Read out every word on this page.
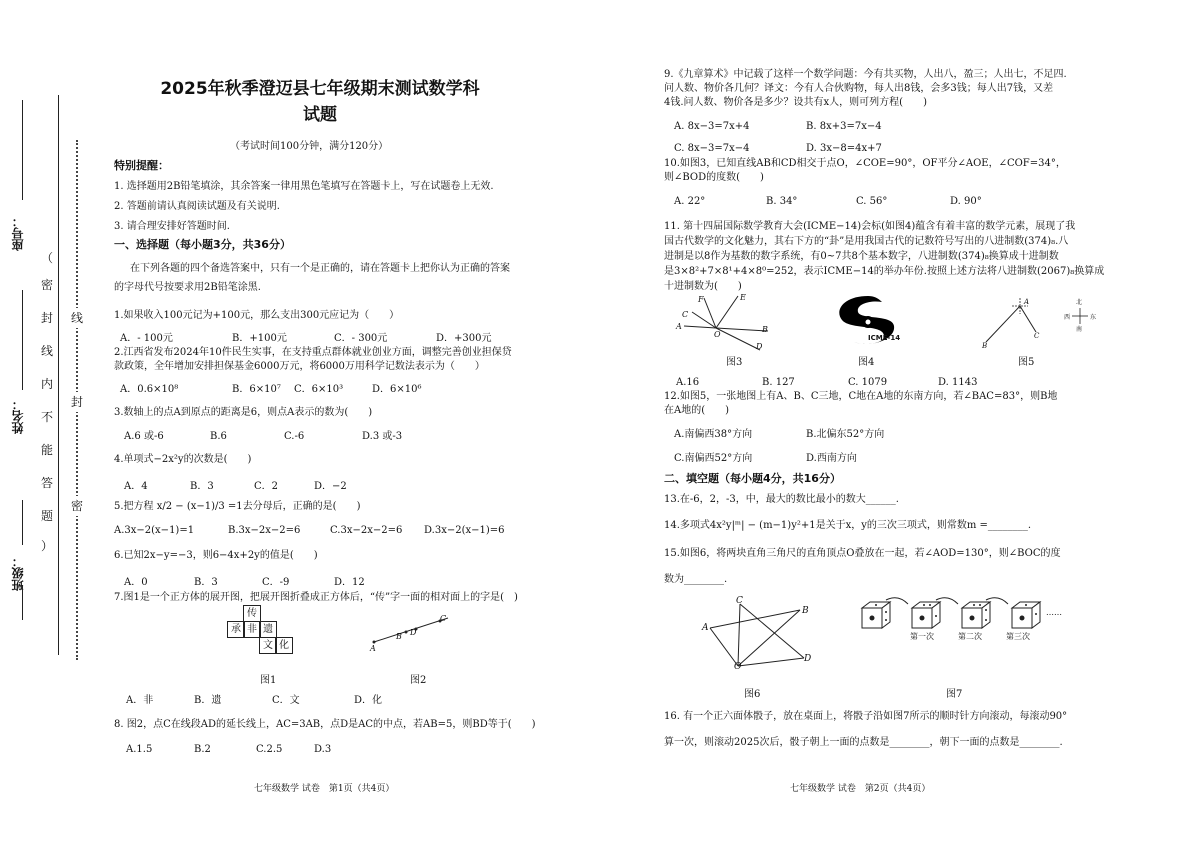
座号：
姓名：
班级：
（
密
封
线
内
不
能
答
题
）
线
封
密
2025年秋季澄迈县七年级期末测试数学科
试题
（考试时间100分钟，满分120分）
特别提醒：
1. 选择题用2B铅笔填涂，其余答案一律用黑色笔填写在答题卡上，写在试题卷上无效.
2. 答题前请认真阅读试题及有关说明.
3. 请合理安排好答题时间.
一、选择题（每小题3分，共36分）
在下列各题的四个备选答案中，只有一个是正确的，请在答题卡上把你认为正确的答案
的字母代号按要求用2B铅笔涂黑.
1.如果收入100元记为+100元，那么支出300元应记为（　　）
A．- 100元	B．+100元	C．- 300元	D．+300元
2.江西省发布2024年10件民生实事，在支持重点群体就业创业方面，调整完善创业担保贷
款政策，全年增加安排担保基金6000万元，将6000万用科学记数法表示为（　　）
A．0.6×10⁸	B．6×10⁷ C．6×10³	D．6×10⁶
3.数轴上的点A到原点的距离是6，则点A表示的数为(　　)
A.6 或-6	B.6	C.-6	D.3 或-3
4.单项式−2x²y的次数是(　　)
A．4	B．3	C．2	D．−2
5.把方程 x/2 − (x−1)/3 =1去分母后，正确的是(　　)
A.3x−2(x−1)=1	B.3x−2x−2=6	C.3x−2x−2=6 D.3x−2(x−1)=6
6.已知2x−y=−3，则6−4x+2y的值是(　　)
A．0	B．3	C．-9	D．12
7.图1是一个正方体的展开图，把展开图折叠成正方体后，“传”字一面的相对面上的字是(　)
传
承 非 遗
文 化	A
B D
C
图1	图2
A．非	B．遗	C．文	D．化
8. 图2，点C在线段AD的延长线上，AC=3AB，点D是AC的中点，若AB=5，则BD等于(　　)
A.1.5	B.2	C.2.5	D.3
七年级数学 试卷　第1页（共4页）
9.《九章算术》中记载了这样一个数学问题：今有共买物，人出八，盈三；人出七，不足四.
问人数、物价各几何？译文：今有人合伙购物，每人出8钱，会多3钱；每人出7钱，又差
4钱.问人数、物价各是多少？设共有x人，则可列方程(　　)
A. 8x−3=7x+4	B. 8x+3=7x−4
C. 8x−3=7x−4	D. 3x−8=4x+7
10.如图3，已知直线AB和CD相交于点O，∠COE=90°，OF平分∠AOE，∠COF=34°，
则∠BOD的度数(　　)
A. 22°	B. 34°	C. 56°	D. 90°
11. 第十四届国际数学教育大会(ICME−14)会标(如图4)蕴含有着丰富的数学元素，展现了我
国古代数学的文化魅力，其右下方的“卦”是用我国古代的记数符号写出的八进制数(374)₈.八
进制是以8作为基数的数字系统，有0~7共8个基本数字，八进制数(374)₈换算成十进制数
是3×8²+7×8¹+4×8⁰=252，表示ICME−14的举办年份.按照上述方法将八进制数(2067)₈换算成
十进制数为(　　)
F	E
C
A
O
B
D
ICME-14	C
A
B
北
西	东
南
图3	图4	图5
A.16	B. 127	C. 1079	D. 1143
12.如图5，一张地图上有A、B、C三地，C地在A地的东南方向，若∠BAC=83°，则B地
在A地的(　　)
A.南偏西38°方向	B.北偏东52°方向
C.南偏西52°方向	D.西南方向
二、填空题（每小题4分，共16分）
13.在-6，2，-3，中，最大的数比最小的数大______.
14.多项式4x²y|ᵐ| − (m−1)y²+1是关于x，y的三次三项式，则常数m =________.
15.如图6，将两块直角三角尺的直角顶点O叠放在一起，若∠AOD=130°，则∠BOC的度
数为________.
C
B
A
O
D
第一次	第二次	第三次
……
图6	图7
16. 有一个正六面体骰子，放在桌面上，将骰子沿如图7所示的顺时针方向滚动，每滚动90°
算一次，则滚动2025次后，骰子朝上一面的点数是________，朝下一面的点数是________.
七年级数学 试卷　第2页（共4页）
